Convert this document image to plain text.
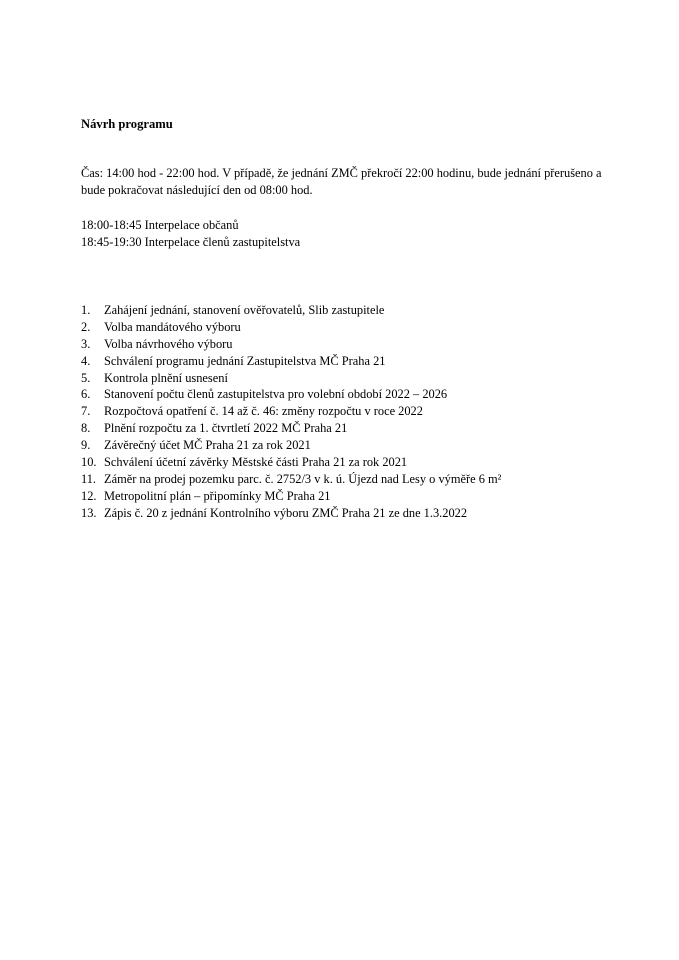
Návrh programu

Čas: 14:00 hod - 22:00 hod. V případě, že jednání ZMČ překročí 22:00 hodinu, bude jednání přerušeno a bude pokračovat následující den od 08:00 hod.

18:00-18:45 Interpelace občanů
18:45-19:30 Interpelace členů zastupitelstva
1.	Zahájení jednání, stanovení ověřovatelů, Slib zastupitele
2.	Volba mandátového výboru
3.	Volba návrhového výboru
4.	Schválení programu jednání Zastupitelstva MČ Praha 21
5.	Kontrola plnění usnesení
6.	Stanovení počtu členů zastupitelstva pro volební období 2022 – 2026
7.	Rozpočtová opatření č. 14 až č. 46: změny rozpočtu v roce 2022
8.	Plnění rozpočtu za 1. čtvrtletí 2022 MČ Praha 21
9.	Závěrečný účet MČ Praha 21 za rok 2021
10. Schválení účetní závěrky Městské části Praha 21 za rok 2021
11. Záměr na prodej pozemku parc. č. 2752/3 v k. ú. Újezd nad Lesy o výměře 6 m²
12. Metropolitní plán – připomínky MČ Praha 21
13. Zápis č. 20 z jednání Kontrolního výboru ZMČ Praha 21 ze dne 1.3.2022
